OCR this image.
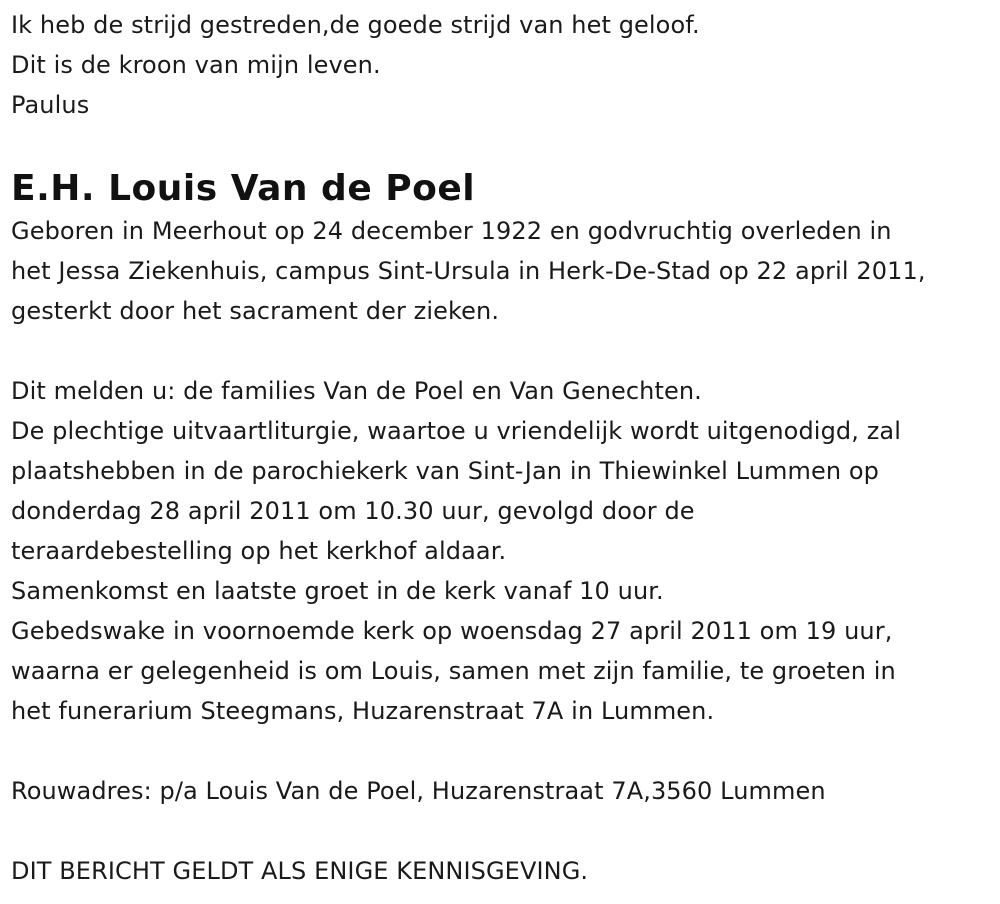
Ik heb de strijd gestreden,de goede strijd van het geloof.
Dit is de kroon van mijn leven.
Paulus
E.H. Louis Van de Poel
Geboren in Meerhout op 24 december 1922 en godvruchtig overleden in
het Jessa Ziekenhuis, campus Sint-Ursula in Herk-De-Stad op 22 april 2011,
gesterkt door het sacrament der zieken.
Dit melden u: de families Van de Poel en Van Genechten.
De plechtige uitvaartliturgie, waartoe u vriendelijk wordt uitgenodigd, zal
plaatshebben in de parochiekerk van Sint-Jan in Thiewinkel Lummen op
donderdag 28 april 2011 om 10.30 uur, gevolgd door de
teraardebestelling op het kerkhof aldaar.
Samenkomst en laatste groet in de kerk vanaf 10 uur.
Gebedswake in voornoemde kerk op woensdag 27 april 2011 om 19 uur,
waarna er gelegenheid is om Louis, samen met zijn familie, te groeten in
het funerarium Steegmans, Huzarenstraat 7A in Lummen.
Rouwadres: p/a Louis Van de Poel, Huzarenstraat 7A,3560 Lummen
DIT BERICHT GELDT ALS ENIGE KENNISGEVING.
